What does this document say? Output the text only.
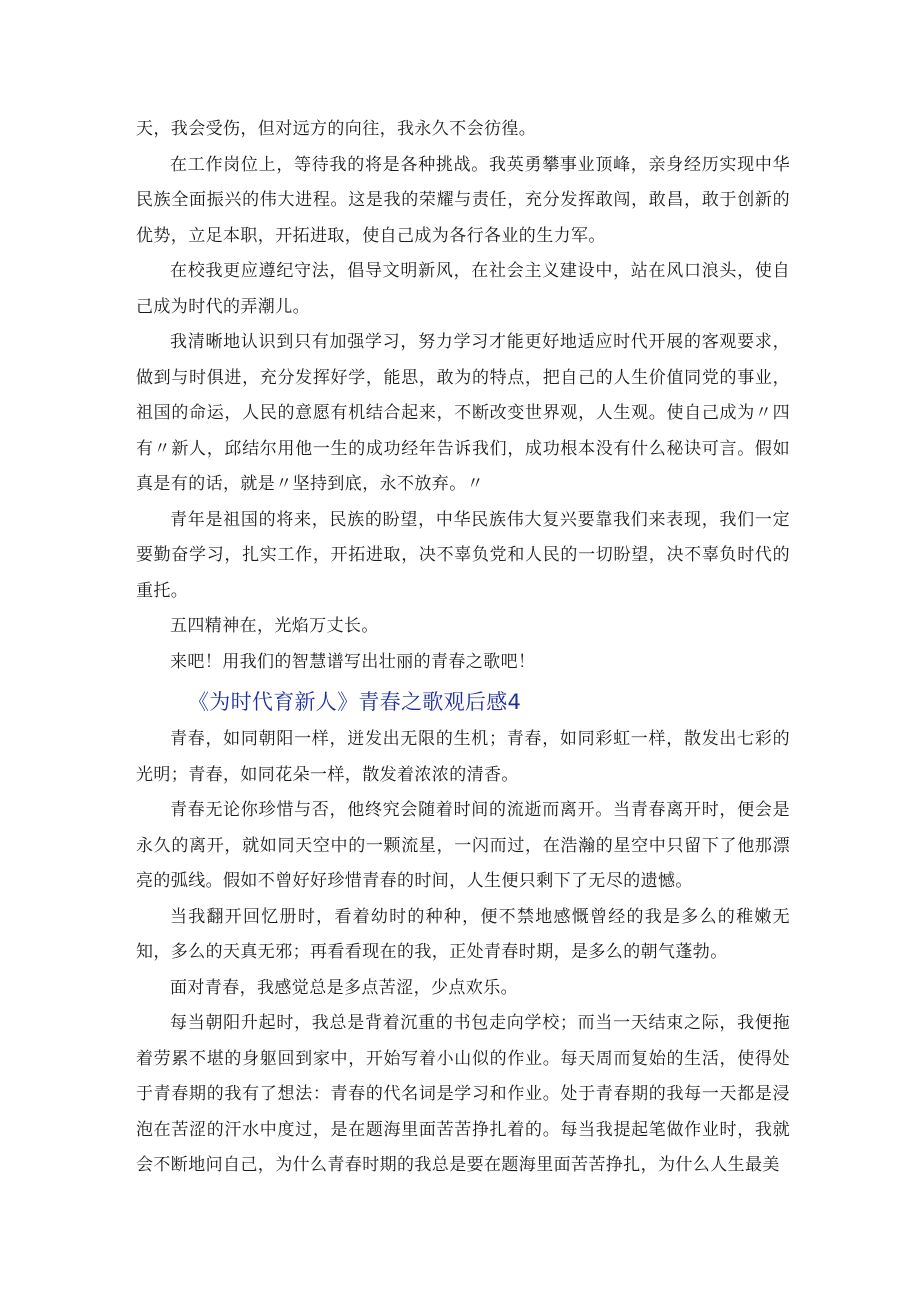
天，我会受伤，但对远方的向往，我永久不会彷徨。

在工作岗位上，等待我的将是各种挑战。我英勇攀事业顶峰，亲身经历实现中华民族全面振兴的伟大进程。这是我的荣耀与责任，充分发挥敢闯，敢昌，敢于创新的优势，立足本职，开拓进取，使自己成为各行各业的生力军。

在校我更应遵纪守法，倡导文明新风，在社会主义建设中，站在风口浪头，使自己成为时代的弄潮儿。

我清晰地认识到只有加强学习，努力学习才能更好地适应时代开展的客观要求，做到与时俱进，充分发挥好学，能思，敢为的特点，把自己的人生价值同党的事业，祖国的命运，人民的意愿有机结合起来，不断改变世界观，人生观。使自己成为〃四有〃新人，邱结尔用他一生的成功经年告诉我们，成功根本没有什么秘诀可言。假如真是有的话，就是〃坚持到底，永不放弃。〃

青年是祖国的将来，民族的盼望，中华民族伟大复兴要靠我们来表现，我们一定要勤奋学习，扎实工作，开拓进取，决不辜负党和人民的一切盼望，决不辜负时代的重托。

五四精神在，光焰万丈长。

来吧！用我们的智慧谱写出壮丽的青春之歌吧！

《为时代育新人》青春之歌观后感4

青春，如同朝阳一样，迸发出无限的生机；青春，如同彩虹一样，散发出七彩的光明；青春，如同花朵一样，散发着浓浓的清香。

青春无论你珍惜与否，他终究会随着时间的流逝而离开。当青春离开时，便会是永久的离开，就如同天空中的一颗流星，一闪而过，在浩瀚的星空中只留下了他那漂亮的弧线。假如不曾好好珍惜青春的时间，人生便只剩下了无尽的遗憾。

当我翻开回忆册时，看着幼时的种种，便不禁地感慨曾经的我是多么的稚嫩无知，多么的天真无邪；再看看现在的我，正处青春时期，是多么的朝气蓬勃。

面对青春，我感觉总是多点苦涩，少点欢乐。

每当朝阳升起时，我总是背着沉重的书包走向学校；而当一天结束之际，我便拖着劳累不堪的身躯回到家中，开始写着小山似的作业。每天周而复始的生活，使得处于青春期的我有了想法：青春的代名词是学习和作业。处于青春期的我每一天都是浸泡在苦涩的汗水中度过，是在题海里面苦苦挣扎着的。每当我提起笔做作业时，我就会不断地问自己，为什么青春时期的我总是要在题海里面苦苦挣扎，为什么人生最美
